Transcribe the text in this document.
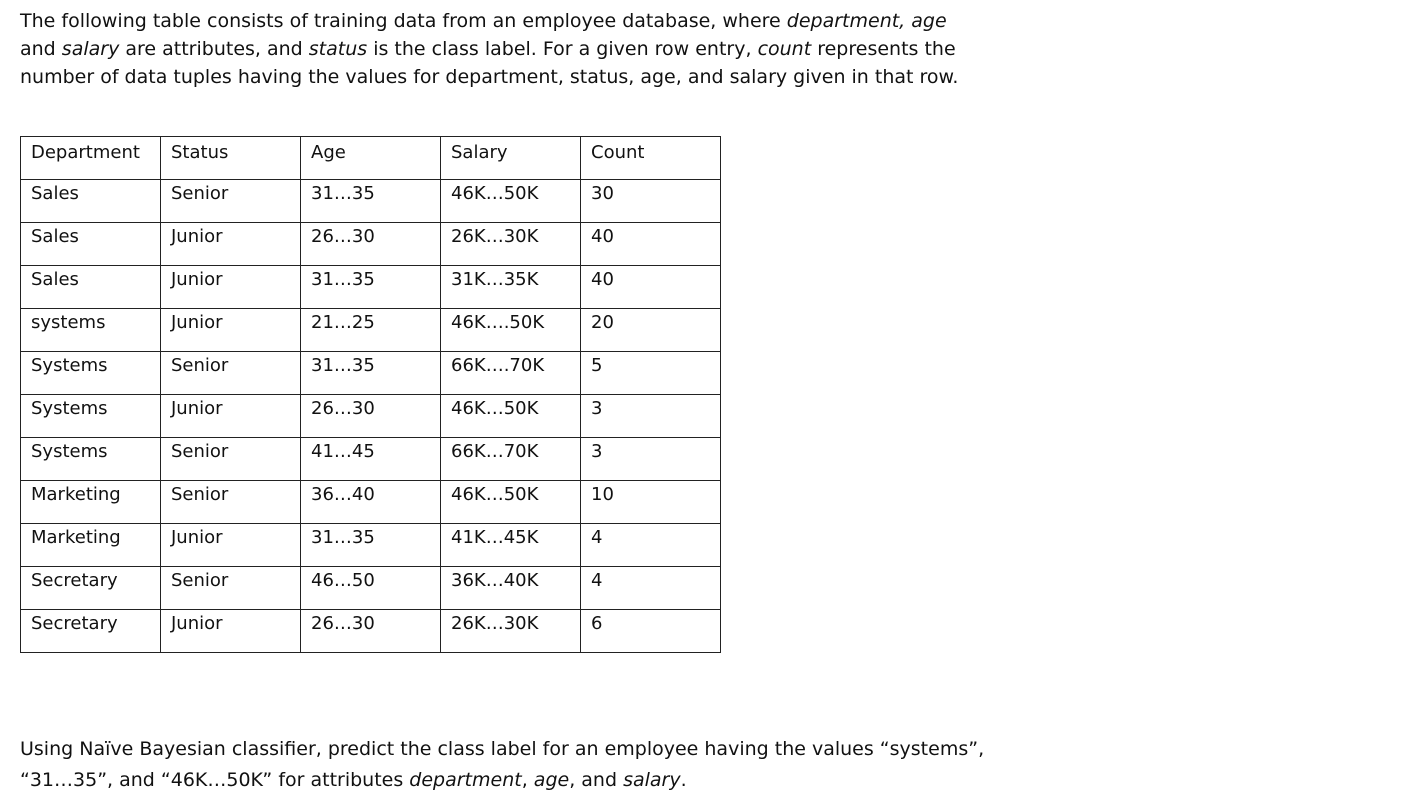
The following table consists of training data from an employee database, where department, age and salary are attributes, and status is the class label. For a given row entry, count represents the number of data tuples having the values for department, status, age, and salary given in that row.

Department	Status	Age	Salary	Count
Sales	Senior	31…35	46K…50K	30
Sales	Junior	26…30	26K…30K	40
Sales	Junior	31…35	31K…35K	40
systems	Junior	21…25	46K….50K	20
Systems	Senior	31…35	66K….70K	5
Systems	Junior	26…30	46K…50K	3
Systems	Senior	41…45	66K…70K	3
Marketing	Senior	36…40	46K…50K	10
Marketing	Junior	31…35	41K…45K	4
Secretary	Senior	46…50	36K…40K	4
Secretary	Junior	26…30	26K…30K	6

Using Naïve Bayesian classifier, predict the class label for an employee having the values “systems”, “31…35”, and “46K…50K” for attributes department, age, and salary.
